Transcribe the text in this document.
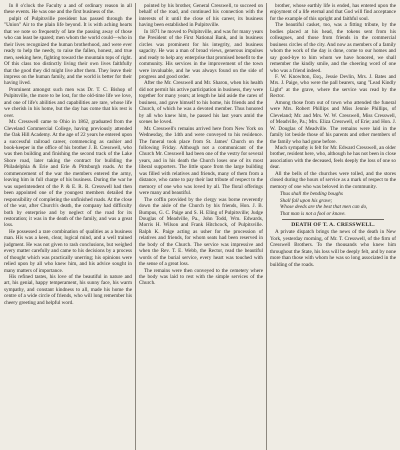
In 8 o'clock the Faculty a and of ordinary reason in all these events. He was one and the first business of the.

pulpit of Pulpitsville president has passed through the "Union" Air to the plain life beyond. It is with aching hearts that we note so frequently of late the passing away of those who can least be spared; men whom the world could—who in their lives recognized the human brotherhood, and were ever ready to help the needy, to raise the fallen, honest, and true men, seeking here, fighting toward the mountain tops of right. Of this class too distinctly living their own lives faithfully that the good they did might live after them. They leave their impress on the human family, and the world is better for their having lived.

Prominent amongst such men was Dr. T. C. Bishop of Pulpitsville, the more to be lost, for the old-time life we love, and one of life's abilities and capabilities are rare, whose life we cherish in his home, but the day has come that his rest is over.

Mr. Cresswell came to Ohio in 1862, graduated from the Cleveland Commercial College, having previously attended the Oak Hill Academy. At the age of 22 years he entered upon a successful railroad career, commencing as cashier and book-keeper in the office of his brother J. B. Cresswell, who was then building and finishing the second track of the Lake Shore road, later taking the contract for building the Philadelphia & Erie and Erie & Pittsburgh roads. At the commencement of the war the members entered the army, leaving him in full charge of his business. During the war he was superintendent of the P. & E. R. R. Cresswell had then been appointed one of the youngest members detailed the responsibility of completing the unfinished roads. At the close of the war, after Church's death, the company had difficulty both by enterprise and by neglect of the road for its restoration; it was in the death of the family, and was a great loss.

He possessed a rare combination of qualities as a business man. His was a keen, clear, logical mind, and a well trained judgment. He was not given to rash conclusions, but weighed every matter carefully and came to his decisions by a process of thought which was practically unerring; his opinions were relied upon by all who knew him, and his advice sought in many matters of importance.

His refined tastes, his love of the beautiful in nature and art, his genial, happy temperament, his sunny face, his warm sympathy, and constant kindness to all, made his home the centre of a wide circle of friends, who will long remember his cheery greeting and helpful word.

pointed by his brother, General Cresswell, to succeed on behalf of the road, and continued his connection with the interests of it until the close of his career, its business having been established in Pulpitsville.

In 1871 he moved to Pulpitsville, and was for many years the President of the First National Bank, and in business circles was prominent for his integrity, and business sagacity. He was a man of broad views, generous impulses and ready to help any enterprise that promised benefit to the community. His services in the improvement of the town were invaluable, and he was always found on the side of progress and good order.

After the Mr. Cresswell and Mr. Sharon, when his health did not permit his active participation in business, they were together for many years; at length he laid aside the cares of business, and gave himself to his home, his friends and the Church, of which he was a devoted member. Thus honored by all who knew him, he passed his last years amid the scenes he loved.

Mr. Cresswell's remains arrived here from New York on Wednesday, the 14th and were conveyed to his residence. The funeral took place from St. James' Church on the following Friday. Although not a communicant of the Church Mr. Cresswell had been one of the vestry for several years, and in his death the Church loses one of its most liberal supporters. The little space from the large building was filled with relatives and friends, many of them from a distance, who came to pay their last tribute of respect to the memory of one who was loved by all. The floral offerings were many and beautiful.

The coffin provided by the clergy was borne reverently down the aisle of the Church by his friends, Hon. J. B. Bumpus, G. C. Paige and S. H. Eling of Pulpitsville; Judge Douglas of Meadville, Pa., John Todd, Wm. Edwards, Morris H. Wilson and Frank Hitchcock, of Pulpitsville. Ralph K. Paige acting as usher for the procession of relatives and friends, for whom seats had been reserved in the body of the Church. The service was impressive and when the Rev. T. E. Webb, the Rector, read the beautiful words of the burial service, every heart was touched with the sense of a great loss.

The remains were then conveyed to the cemetery where the body was laid to rest with the simple services of the Church.

brother, whose earthly life is ended, has entered upon the enjoyment of a life eternal and that God will find acceptance for the example of this upright and faithful soul.

The beautiful casket, too, was a fitting tribute, by the bodies placed at his head, the tokens sent from his colleagues, and those from friends in the commercial business circles of the city. And now as members of a family whom the work of the day is done, come to our homes and say good-bye to him whom we have honored, we shall remember the kindly smile, and the cheering word of one who was a friend indeed.

F. W. Knowlton, Esq., Jessie Devlin, Mrs. J. Bates and Mrs. J. Paige, who were the pall bearers, sang "Lead Kindly Light" at the grave, where the service was read by the Rector.

Among those from out of town who attended the funeral were Mrs. Robert Phillips and Miss Jennie Phillips, of Cleveland; Mr. and Mrs. W. W. Cresswell, Miss Cresswell, of Meadville, Pa.; Mrs. Eliza Cresswell, of Erie; and Hon. J. W. Douglas of Meadville. The remains were laid in the family lot beside those of his parents and other members of the family who had gone before.

Much sympathy is felt for Mr. Edward Cresswell, an older brother, resident here, who, although he has not been in close association with the deceased, feels deeply the loss of one so dear.

All the bells of the churches were tolled, and the stores closed during the hours of service as a mark of respect to the memory of one who was beloved in the community.

Thus shall the bending boughs
Shall fall upon his grave;
Whose deeds are the best that men can do,
That man is not a fool or knave.

DEATH OF T. A. CRESSWELL.

A private dispatch brings the news of the death in New York, yesterday morning, of Mr. T. Cresswell, of the firm of Cresswell Brothers. To the thousands who knew him throughout the State, his loss will be deeply felt, and by none more than those with whom he was so long associated in the building of the roads.
